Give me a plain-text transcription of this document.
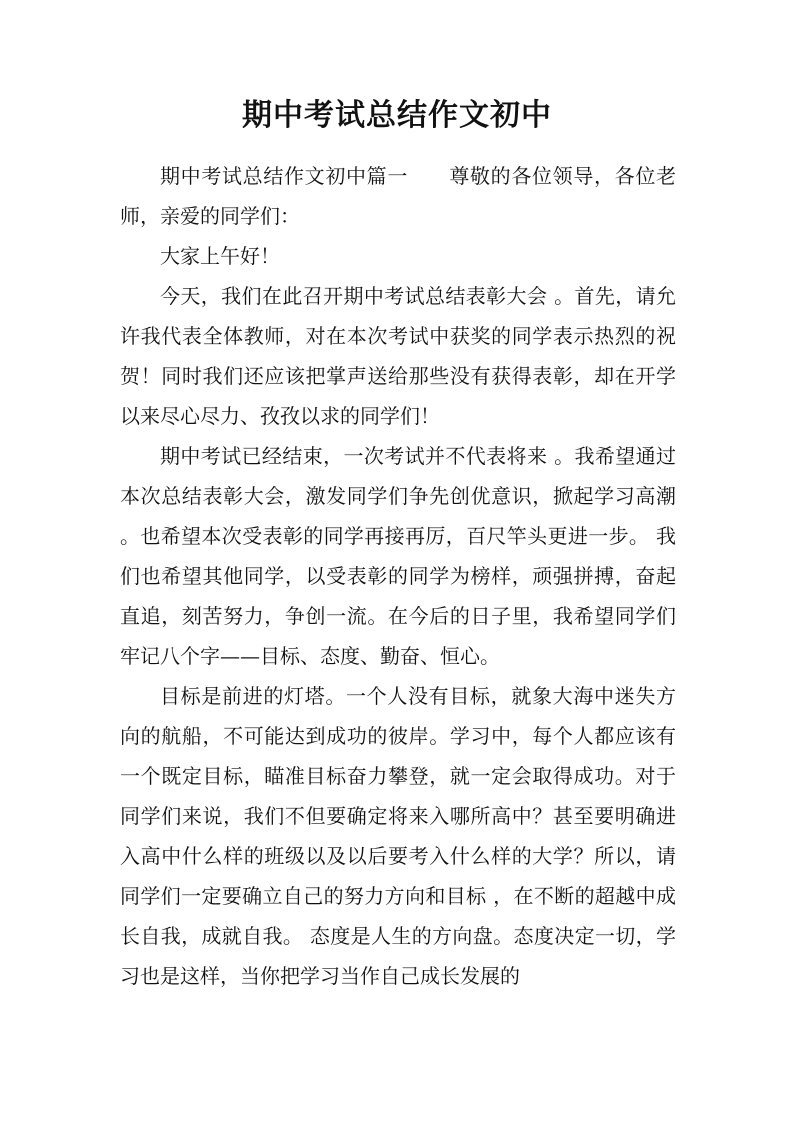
期中考试总结作文初中

期中考试总结作文初中篇一　　尊敬的各位领导，各位老师，亲爱的同学们：

大家上午好！

今天，我们在此召开期中考试总结表彰大会 。首先，请允许我代表全体教师，对在本次考试中获奖的同学表示热烈的祝贺！同时我们还应该把掌声送给那些没有获得表彰，却在开学以来尽心尽力、孜孜以求的同学们！

期中考试已经结束，一次考试并不代表将来 。我希望通过本次总结表彰大会，激发同学们争先创优意识，掀起学习高潮。也希望本次受表彰的同学再接再厉，百尺竿头更进一步。 我们也希望其他同学，以受表彰的同学为榜样，顽强拼搏，奋起直追，刻苦努力，争创一流。在今后的日子里，我希望同学们牢记八个字——目标、态度、勤奋、恒心。

目标是前进的灯塔。一个人没有目标，就象大海中迷失方向的航船，不可能达到成功的彼岸。学习中，每个人都应该有一个既定目标，瞄准目标奋力攀登，就一定会取得成功。对于同学们来说，我们不但要确定将来入哪所高中？甚至要明确进入高中什么样的班级以及以后要考入什么样的大学？所以，请同学们一定要确立自己的努力方向和目标 ，在不断的超越中成长自我，成就自我。 态度是人生的方向盘。态度决定一切，学习也是这样，当你把学习当作自己成长发展的
